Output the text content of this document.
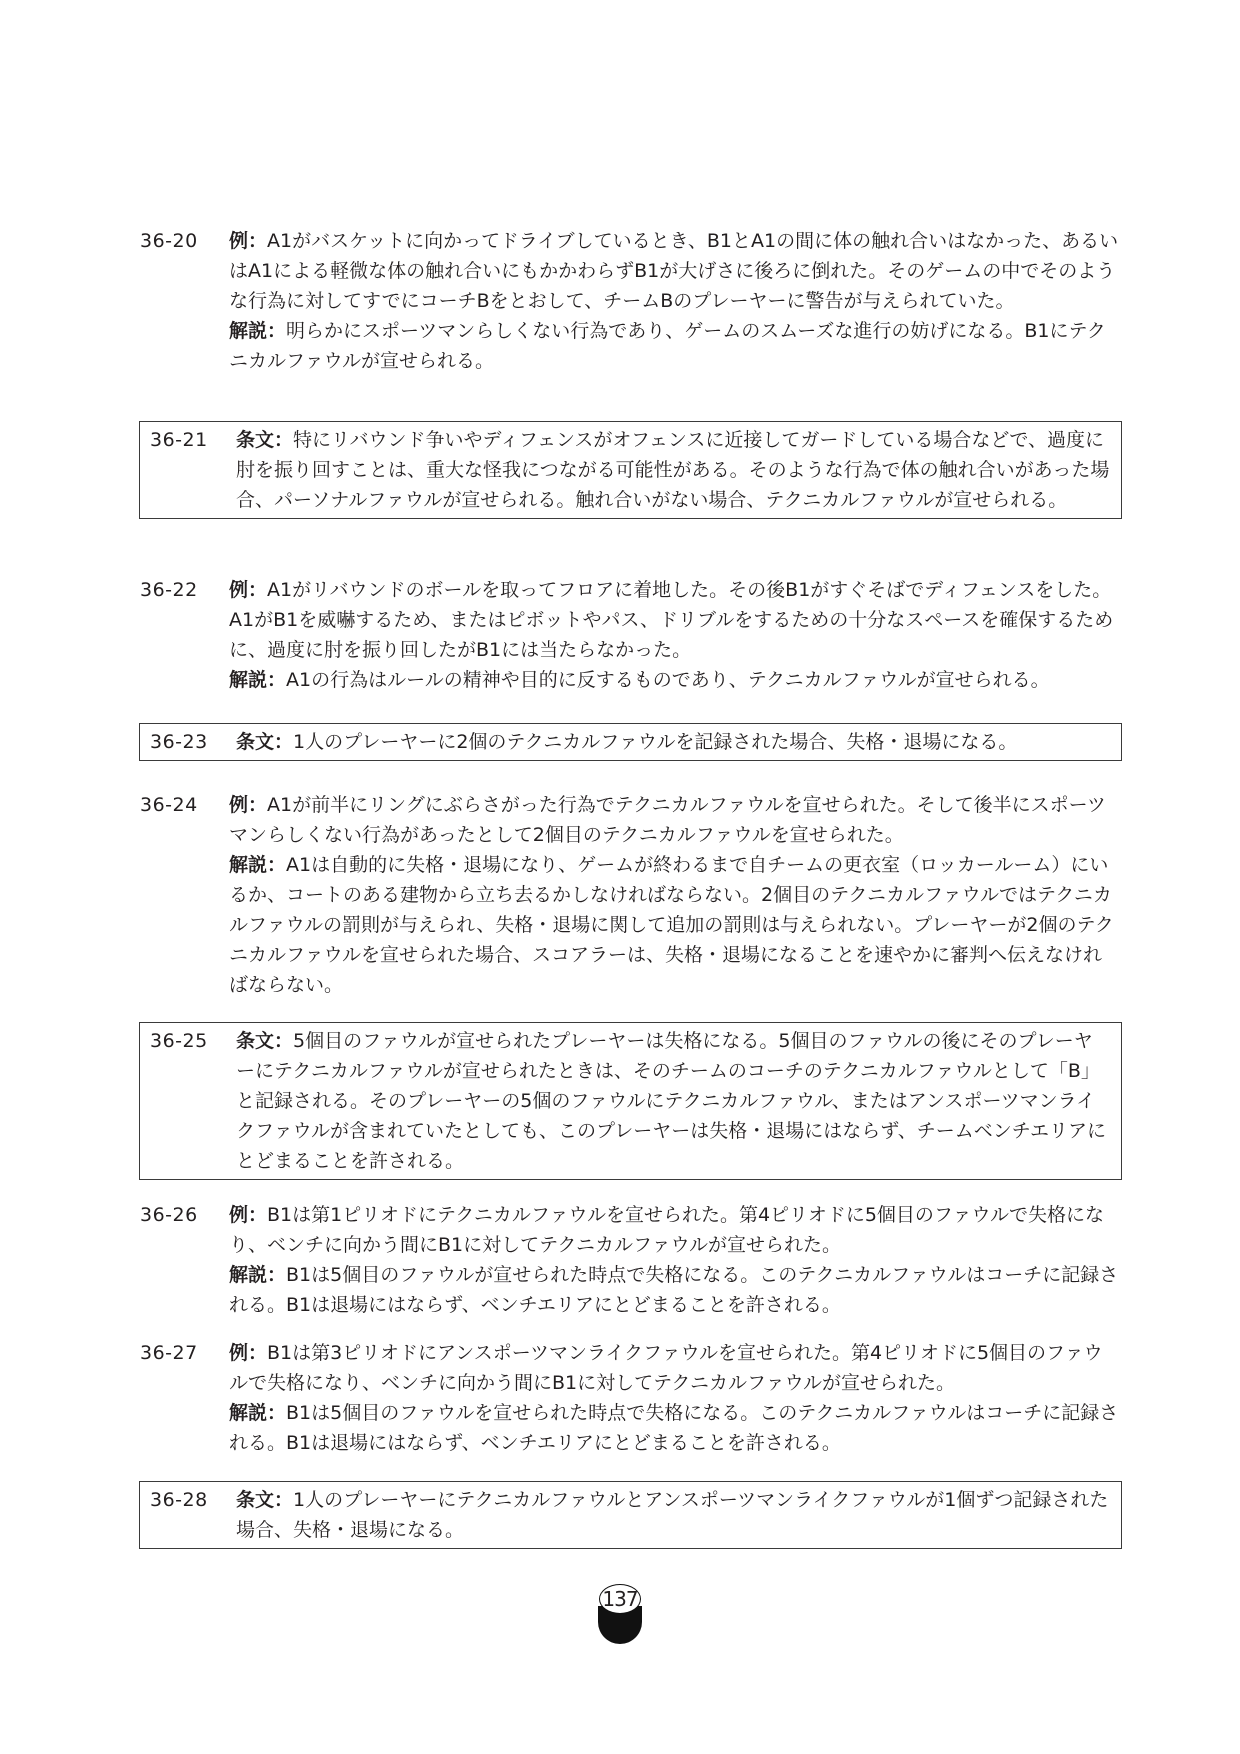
36-20	例：A1がバスケットに向かってドライブしているとき、B1とA1の間に体の触れ合いはなかった、あるいはA1による軽微な体の触れ合いにもかかわらずB1が大げさに後ろに倒れた。そのゲームの中でそのような行為に対してすでにコーチBをとおして、チームBのプレーヤーに警告が与えられていた。

解説：明らかにスポーツマンらしくない行為であり、ゲームのスムーズな進行の妨げになる。B1にテクニカルファウルが宣せられる。

36-21	条文：特にリバウンド争いやディフェンスがオフェンスに近接してガードしている場合などで、過度に肘を振り回すことは、重大な怪我につながる可能性がある。そのような行為で体の触れ合いがあった場合、パーソナルファウルが宣せられる。触れ合いがない場合、テクニカルファウルが宣せられる。

36-22	例：A1がリバウンドのボールを取ってフロアに着地した。その後B1がすぐそばでディフェンスをした。A1がB1を威嚇するため、またはピボットやパス、ドリブルをするための十分なスペースを確保するために、過度に肘を振り回したがB1には当たらなかった。

解説：A1の行為はルールの精神や目的に反するものであり、テクニカルファウルが宣せられる。

36-23	条文：1人のプレーヤーに2個のテクニカルファウルを記録された場合、失格・退場になる。

36-24	例：A1が前半にリングにぶらさがった行為でテクニカルファウルを宣せられた。そして後半にスポーツマンらしくない行為があったとして2個目のテクニカルファウルを宣せられた。

解説：A1は自動的に失格・退場になり、ゲームが終わるまで自チームの更衣室（ロッカールーム）にいるか、コートのある建物から立ち去るかしなければならない。2個目のテクニカルファウルではテクニカルファウルの罰則が与えられ、失格・退場に関して追加の罰則は与えられない。プレーヤーが2個のテクニカルファウルを宣せられた場合、スコアラーは、失格・退場になることを速やかに審判へ伝えなければならない。

36-25	条文：5個目のファウルが宣せられたプレーヤーは失格になる。5個目のファウルの後にそのプレーヤーにテクニカルファウルが宣せられたときは、そのチームのコーチのテクニカルファウルとして「B」と記録される。そのプレーヤーの5個のファウルにテクニカルファウル、またはアンスポーツマンライクファウルが含まれていたとしても、このプレーヤーは失格・退場にはならず、チームベンチエリアにとどまることを許される。

36-26	例：B1は第1ピリオドにテクニカルファウルを宣せられた。第4ピリオドに5個目のファウルで失格になり、ベンチに向かう間にB1に対してテクニカルファウルが宣せられた。

解説：B1は5個目のファウルが宣せられた時点で失格になる。このテクニカルファウルはコーチに記録される。B1は退場にはならず、ベンチエリアにとどまることを許される。

36-27	例：B1は第3ピリオドにアンスポーツマンライクファウルを宣せられた。第4ピリオドに5個目のファウルで失格になり、ベンチに向かう間にB1に対してテクニカルファウルが宣せられた。

解説：B1は5個目のファウルを宣せられた時点で失格になる。このテクニカルファウルはコーチに記録される。B1は退場にはならず、ベンチエリアにとどまることを許される。

36-28	条文：1人のプレーヤーにテクニカルファウルとアンスポーツマンライクファウルが1個ずつ記録された場合、失格・退場になる。

137
